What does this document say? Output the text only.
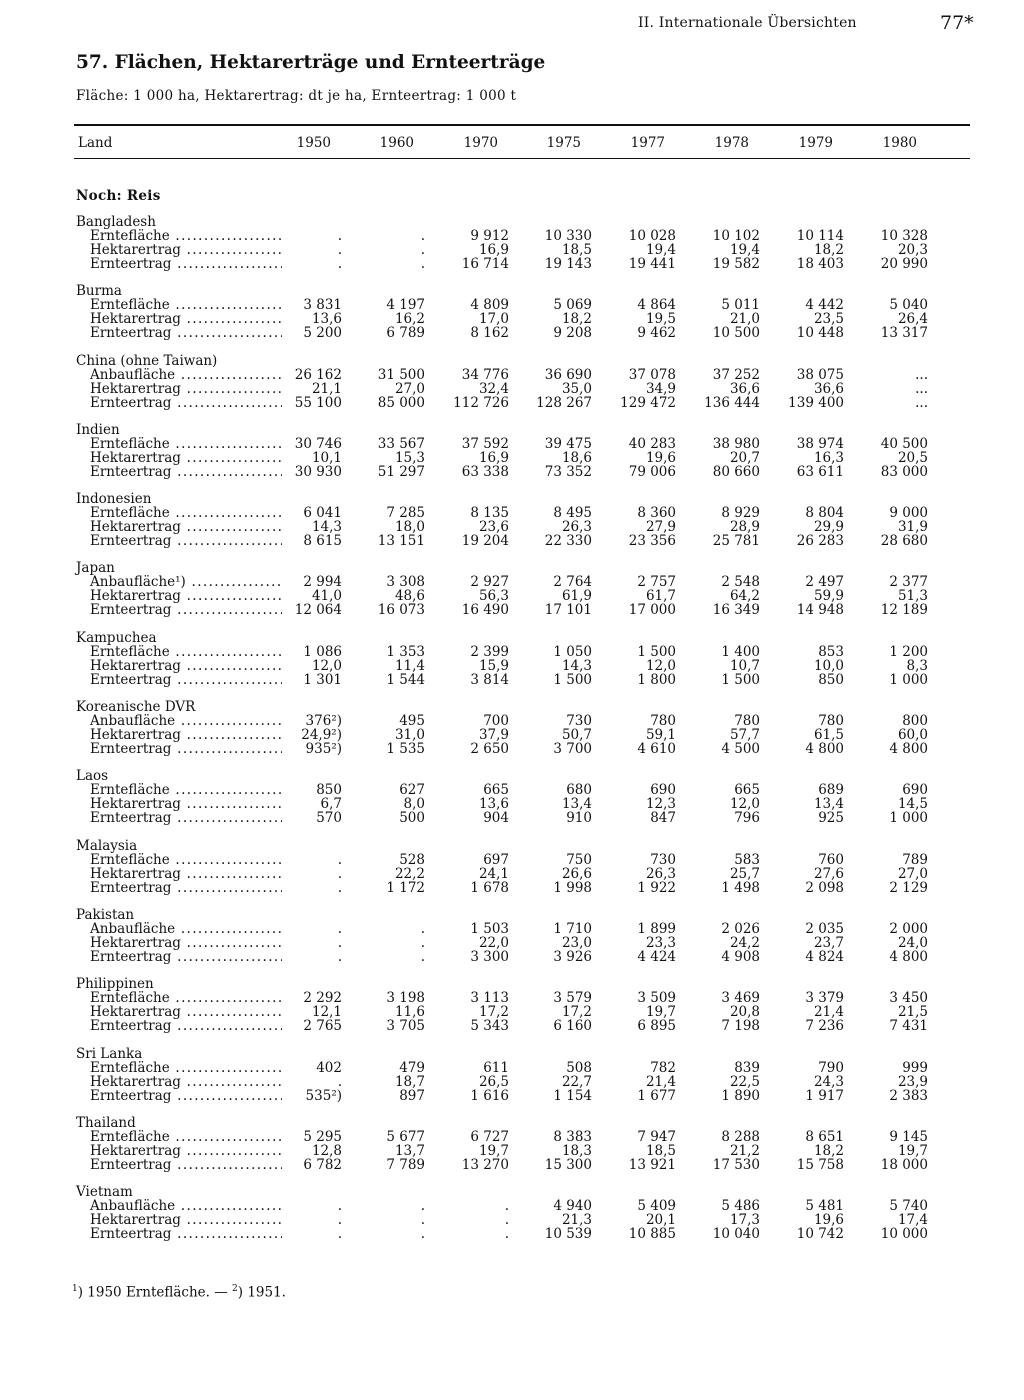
II. Internationale Übersichten	77*
57. Flächen, Hektarerträge und Ernteerträge
Fläche: 1 000 ha, Hektarertrag: dt je ha, Ernteertrag: 1 000 t
Land	1950	1960	1970	1975	1977	1978	1979	1980
Noch: Reis
Bangladesh
Erntefläche .....	.	.	9 912	10 330	10 028	10 102	10 114	10 328
Hektarertrag .....	.	.	16,9	18,5	19,4	19,4	18,2	20,3
Ernteertrag .....	.	.	16 714	19 143	19 441	19 582	18 403	20 990
Burma
Erntefläche .....	3 831	4 197	4 809	5 069	4 864	5 011	4 442	5 040
Hektarertrag .....	13,6	16,2	17,0	18,2	19,5	21,0	23,5	26,4
Ernteertrag .....	5 200	6 789	8 162	9 208	9 462	10 500	10 448	13 317
China (ohne Taiwan)
Anbaufläche .....	26 162	31 500	34 776	36 690	37 078	37 252	38 075	...
Hektarertrag .....	21,1	27,0	32,4	35,0	34,9	36,6	36,6	...
Ernteertrag .....	55 100	85 000	112 726	128 267	129 472	136 444	139 400	...
Indien
Erntefläche .....	30 746	33 567	37 592	39 475	40 283	38 980	38 974	40 500
Hektarertrag .....	10,1	15,3	16,9	18,6	19,6	20,7	16,3	20,5
Ernteertrag .....	30 930	51 297	63 338	73 352	79 006	80 660	63 611	83 000
Indonesien
Erntefläche .....	6 041	7 285	8 135	8 495	8 360	8 929	8 804	9 000
Hektarertrag .....	14,3	18,0	23,6	26,3	27,9	28,9	29,9	31,9
Ernteertrag .....	8 615	13 151	19 204	22 330	23 356	25 781	26 283	28 680
Japan
Anbaufläche¹) .....	2 994	3 308	2 927	2 764	2 757	2 548	2 497	2 377
Hektarertrag .....	41,0	48,6	56,3	61,9	61,7	64,2	59,9	51,3
Ernteertrag .....	12 064	16 073	16 490	17 101	17 000	16 349	14 948	12 189
Kampuchea
Erntefläche .....	1 086	1 353	2 399	1 050	1 500	1 400	853	1 200
Hektarertrag .....	12,0	11,4	15,9	14,3	12,0	10,7	10,0	8,3
Ernteertrag .....	1 301	1 544	3 814	1 500	1 800	1 500	850	1 000
Koreanische DVR
Anbaufläche .....	376²)	495	700	730	780	780	780	800
Hektarertrag .....	24,9²)	31,0	37,9	50,7	59,1	57,7	61,5	60,0
Ernteertrag .....	935²)	1 535	2 650	3 700	4 610	4 500	4 800	4 800
Laos
Erntefläche .....	850	627	665	680	690	665	689	690
Hektarertrag .....	6,7	8,0	13,6	13,4	12,3	12,0	13,4	14,5
Ernteertrag .....	570	500	904	910	847	796	925	1 000
Malaysia
Erntefläche .....	.	528	697	750	730	583	760	789
Hektarertrag .....	.	22,2	24,1	26,6	26,3	25,7	27,6	27,0
Ernteertrag .....	.	1 172	1 678	1 998	1 922	1 498	2 098	2 129
Pakistan
Anbaufläche .....	.	.	1 503	1 710	1 899	2 026	2 035	2 000
Hektarertrag .....	.	.	22,0	23,0	23,3	24,2	23,7	24,0
Ernteertrag .....	.	.	3 300	3 926	4 424	4 908	4 824	4 800
Philippinen
Erntefläche .....	2 292	3 198	3 113	3 579	3 509	3 469	3 379	3 450
Hektarertrag .....	12,1	11,6	17,2	17,2	19,7	20,8	21,4	21,5
Ernteertrag .....	2 765	3 705	5 343	6 160	6 895	7 198	7 236	7 431
Sri Lanka
Erntefläche .....	402	479	611	508	782	839	790	999
Hektarertrag .....	.	18,7	26,5	22,7	21,4	22,5	24,3	23,9
Ernteertrag .....	535²)	897	1 616	1 154	1 677	1 890	1 917	2 383
Thailand
Erntefläche .....	5 295	5 677	6 727	8 383	7 947	8 288	8 651	9 145
Hektarertrag .....	12,8	13,7	19,7	18,3	18,5	21,2	18,2	19,7
Ernteertrag .....	6 782	7 789	13 270	15 300	13 921	17 530	15 758	18 000
Vietnam
Anbaufläche .....	.	.	.	4 940	5 409	5 486	5 481	5 740
Hektarertrag .....	.	.	.	21,3	20,1	17,3	19,6	17,4
Ernteertrag .....	.	.	.	10 539	10 885	10 040	10 742	10 000
$^1$) 1950 Erntefläche. — $^2$) 1951.
